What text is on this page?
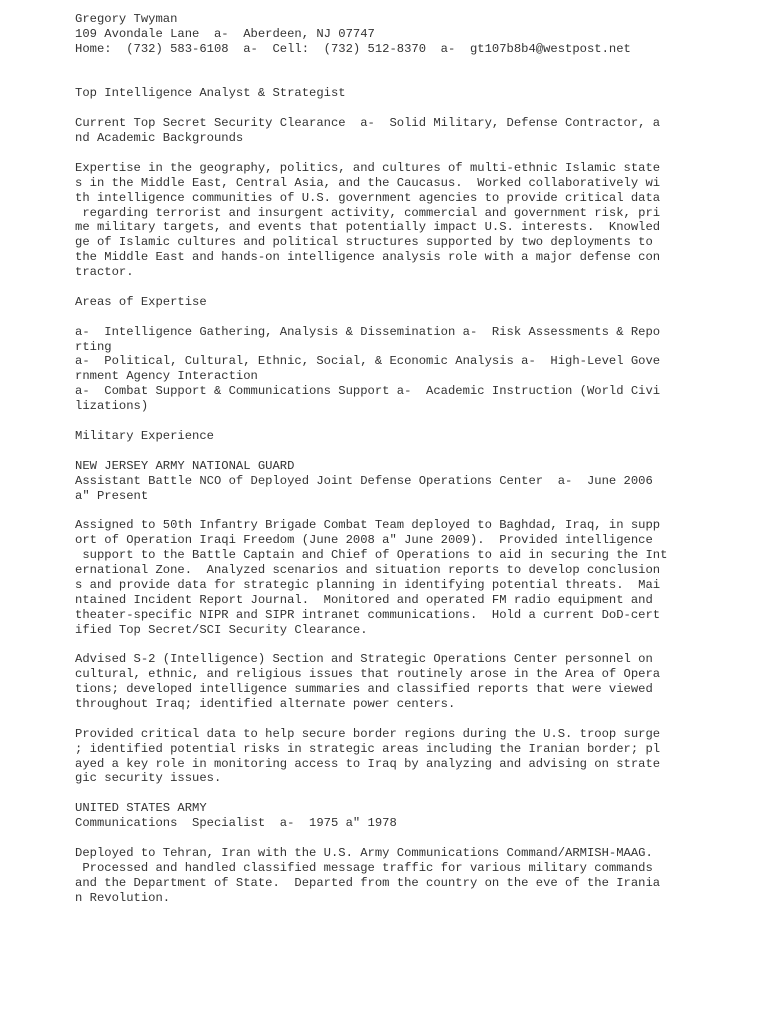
Gregory Twyman
109 Avondale Lane  a-  Aberdeen, NJ 07747
Home:  (732) 583-6108  a-  Cell:  (732) 512-8370  a-  gt107b8b4@westpost.net
Top Intelligence Analyst & Strategist
Current Top Secret Security Clearance  a-  Solid Military, Defense Contractor, a
nd Academic Backgrounds
Expertise in the geography, politics, and cultures of multi-ethnic Islamic state
s in the Middle East, Central Asia, and the Caucasus.  Worked collaboratively wi
th intelligence communities of U.S. government agencies to provide critical data
regarding terrorist and insurgent activity, commercial and government risk, pri
me military targets, and events that potentially impact U.S. interests.  Knowled
ge of Islamic cultures and political structures supported by two deployments to
the Middle East and hands-on intelligence analysis role with a major defense con
tractor.
Areas of Expertise
a-  Intelligence Gathering, Analysis & Dissemination a-  Risk Assessments & Repo
rting
a-  Political, Cultural, Ethnic, Social, & Economic Analysis a-  High-Level Gove
rnment Agency Interaction
a-  Combat Support & Communications Support a-  Academic Instruction (World Civi
lizations)
Military Experience
NEW JERSEY ARMY NATIONAL GUARD
Assistant Battle NCO of Deployed Joint Defense Operations Center  a-  June 2006
a" Present
Assigned to 50th Infantry Brigade Combat Team deployed to Baghdad, Iraq, in supp
ort of Operation Iraqi Freedom (June 2008 a" June 2009).  Provided intelligence
support to the Battle Captain and Chief of Operations to aid in securing the Int
ernational Zone.  Analyzed scenarios and situation reports to develop conclusion
s and provide data for strategic planning in identifying potential threats.  Mai
ntained Incident Report Journal.  Monitored and operated FM radio equipment and
theater-specific NIPR and SIPR intranet communications.  Hold a current DoD-cert
ified Top Secret/SCI Security Clearance.
Advised S-2 (Intelligence) Section and Strategic Operations Center personnel on
cultural, ethnic, and religious issues that routinely arose in the Area of Opera
tions; developed intelligence summaries and classified reports that were viewed
throughout Iraq; identified alternate power centers.
Provided critical data to help secure border regions during the U.S. troop surge
; identified potential risks in strategic areas including the Iranian border; pl
ayed a key role in monitoring access to Iraq by analyzing and advising on strate
gic security issues.
UNITED STATES ARMY
Communications  Specialist  a-  1975 a" 1978
Deployed to Tehran, Iran with the U.S. Army Communications Command/ARMISH-MAAG.
Processed and handled classified message traffic for various military commands
and the Department of State.  Departed from the country on the eve of the Irania
n Revolution.
